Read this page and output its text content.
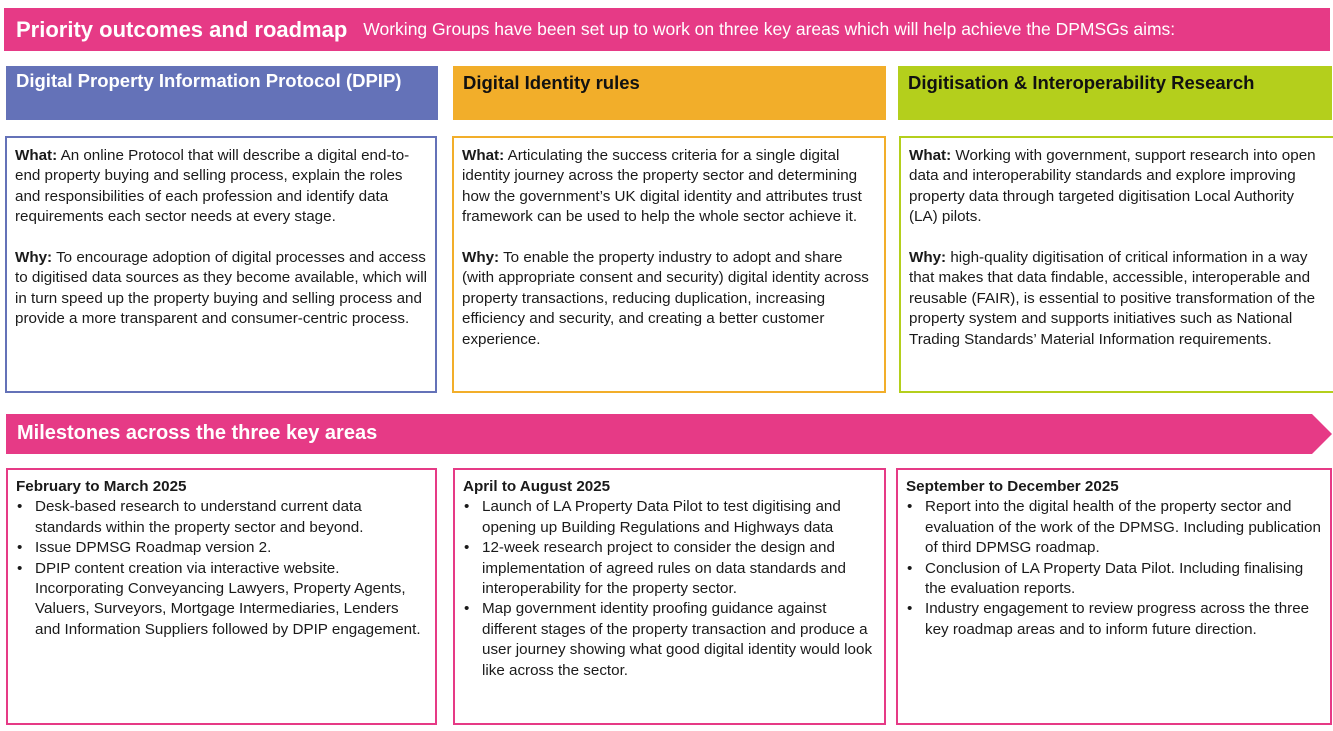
Priority outcomes and roadmap Working Groups have been set up to work on three key areas which will help achieve the DPMSGs aims:
Digital Property Information Protocol (DPIP)	Digital Identity rules	Digitisation & Interoperability Research

What: An online Protocol that will describe a digital end-to-end property buying and selling process, explain the roles and responsibilities of each profession and identify data requirements each sector needs at every stage.

Why: To encourage adoption of digital processes and access to digitised data sources as they become available, which will in turn speed up the property buying and selling process and provide a more transparent and consumer-centric process.

What: Articulating the success criteria for a single digital identity journey across the property sector and determining how the government’s UK digital identity and attributes trust framework can be used to help the whole sector achieve it.

Why: To enable the property industry to adopt and share (with appropriate consent and security) digital identity across property transactions, reducing duplication, increasing efficiency and security, and creating a better customer experience.

What: Working with government, support research into open data and interoperability standards and explore improving property data through targeted digitisation Local Authority (LA) pilots.

Why: high-quality digitisation of critical information in a way that makes that data findable, accessible, interoperable and reusable (FAIR), is essential to positive transformation of the property system and supports initiatives such as National Trading Standards’ Material Information requirements.

Milestones across the three key areas
February to March 2025
• Desk-based research to understand current data standards within the property sector and beyond.
• Issue DPMSG Roadmap version 2.
• DPIP content creation via interactive website. Incorporating Conveyancing Lawyers, Property Agents, Valuers, Surveyors, Mortgage Intermediaries, Lenders and Information Suppliers followed by DPIP engagement.
April to August 2025
• Launch of LA Property Data Pilot to test digitising and opening up Building Regulations and Highways data
• 12-week research project to consider the design and implementation of agreed rules on data standards and interoperability for the property sector.
• Map government identity proofing guidance against different stages of the property transaction and produce a user journey showing what good digital identity would look like across the sector.
September to December 2025
• Report into the digital health of the property sector and evaluation of the work of the DPMSG. Including publication of third DPMSG roadmap.
• Conclusion of LA Property Data Pilot. Including finalising the evaluation reports.
• Industry engagement to review progress across the three key roadmap areas and to inform future direction.
